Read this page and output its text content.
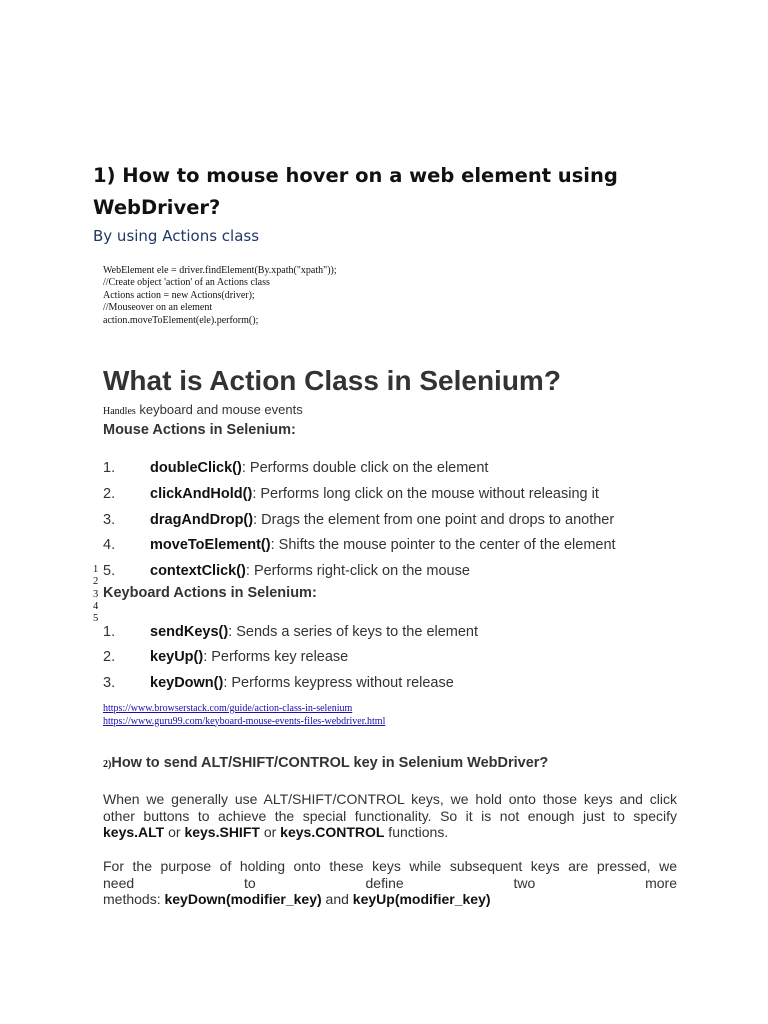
1) How to mouse hover on a web element using WebDriver?
By using Actions class
WebElement ele = driver.findElement(By.xpath("xpath"));
//Create object 'action' of an Actions class
Actions action = new Actions(driver);
//Mouseover on an element
action.moveToElement(ele).perform();
What is Action Class in Selenium?
Handles keyboard and mouse events
Mouse Actions in Selenium:
1. doubleClick(): Performs double click on the element
2. clickAndHold(): Performs long click on the mouse without releasing it
3. dragAndDrop(): Drags the element from one point and drops to another
4. moveToElement(): Shifts the mouse pointer to the center of the element
5. contextClick(): Performs right-click on the mouse
1
2
3
4
5
Keyboard Actions in Selenium:
1. sendKeys(): Sends a series of keys to the element
2. keyUp(): Performs key release
3. keyDown(): Performs keypress without release
https://www.browserstack.com/guide/action-class-in-selenium
https://www.guru99.com/keyboard-mouse-events-files-webdriver.html
2)How to send ALT/SHIFT/CONTROL key in Selenium WebDriver?
When we generally use ALT/SHIFT/CONTROL keys, we hold onto those keys and click other buttons to achieve the special functionality. So it is not enough just to specify keys.ALT or keys.SHIFT or keys.CONTROL functions.
For the purpose of holding onto these keys while subsequent keys are pressed, we
need to define two more
methods: keyDown(modifier_key) and keyUp(modifier_key)
